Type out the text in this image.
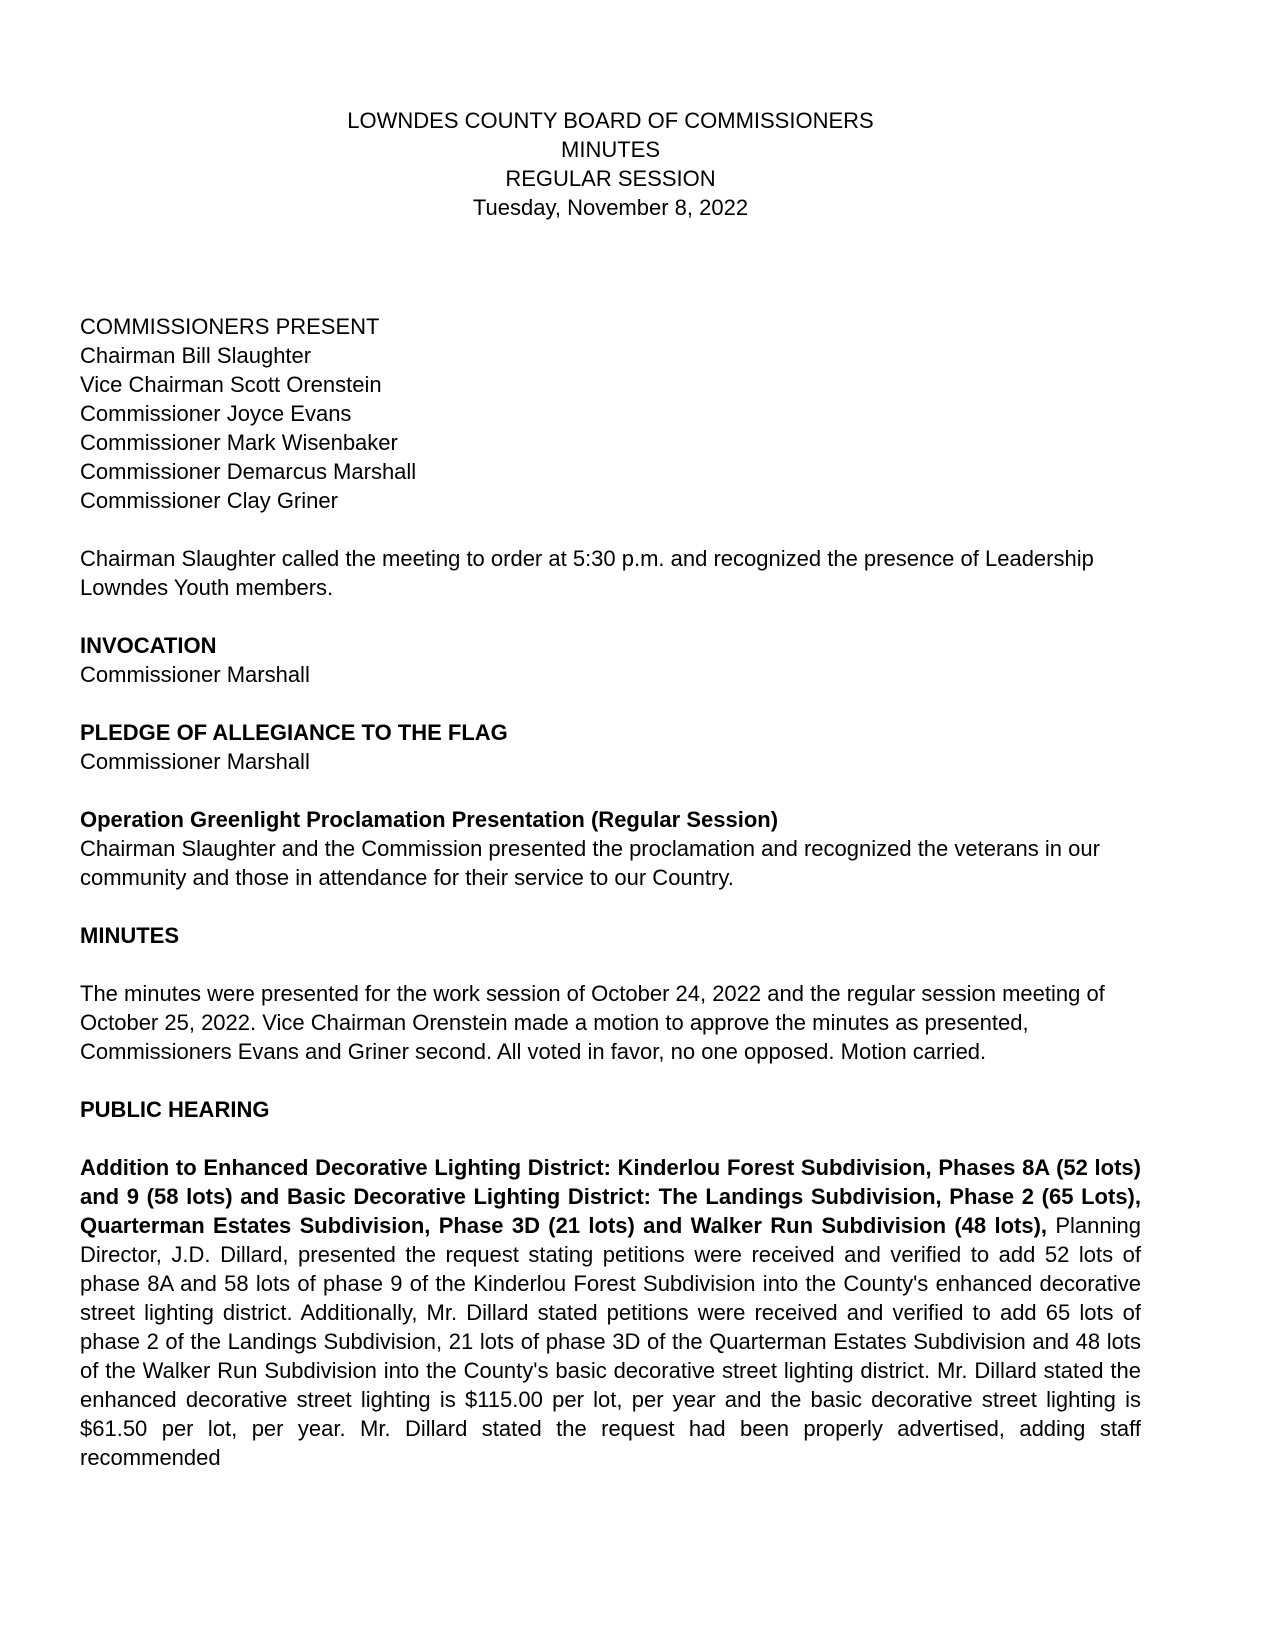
LOWNDES COUNTY BOARD OF COMMISSIONERS
MINUTES
REGULAR SESSION
Tuesday, November 8, 2022
COMMISSIONERS PRESENT
Chairman Bill Slaughter
Vice Chairman Scott Orenstein
Commissioner Joyce Evans
Commissioner Mark Wisenbaker
Commissioner Demarcus Marshall
Commissioner Clay Griner

Chairman Slaughter called the meeting to order at 5:30 p.m. and recognized the presence of Leadership Lowndes Youth members.

INVOCATION

Commissioner Marshall

PLEDGE OF ALLEGIANCE TO THE FLAG

Commissioner Marshall

Operation Greenlight Proclamation Presentation (Regular Session)

Chairman Slaughter and the Commission presented the proclamation and recognized the veterans in our community and those in attendance for their service to our Country.

MINUTES

The minutes were presented for the work session of October 24, 2022 and the regular session meeting of October 25, 2022. Vice Chairman Orenstein made a motion to approve the minutes as presented, Commissioners Evans and Griner second. All voted in favor, no one opposed. Motion carried.

PUBLIC HEARING

Addition to Enhanced Decorative Lighting District: Kinderlou Forest Subdivision, Phases 8A (52 lots) and 9 (58 lots) and Basic Decorative Lighting District: The Landings Subdivision, Phase 2 (65 Lots), Quarterman Estates Subdivision, Phase 3D (21 lots) and Walker Run Subdivision (48 lots), Planning Director, J.D. Dillard, presented the request stating petitions were received and verified to add 52 lots of phase 8A and 58 lots of phase 9 of the Kinderlou Forest Subdivision into the County's enhanced decorative street lighting district. Additionally, Mr. Dillard stated petitions were received and verified to add 65 lots of phase 2 of the Landings Subdivision, 21 lots of phase 3D of the Quarterman Estates Subdivision and 48 lots of the Walker Run Subdivision into the County's basic decorative street lighting district. Mr. Dillard stated the enhanced decorative street lighting is $115.00 per lot, per year and the basic decorative street lighting is $61.50 per lot, per year. Mr. Dillard stated the request had been properly advertised, adding staff recommended
